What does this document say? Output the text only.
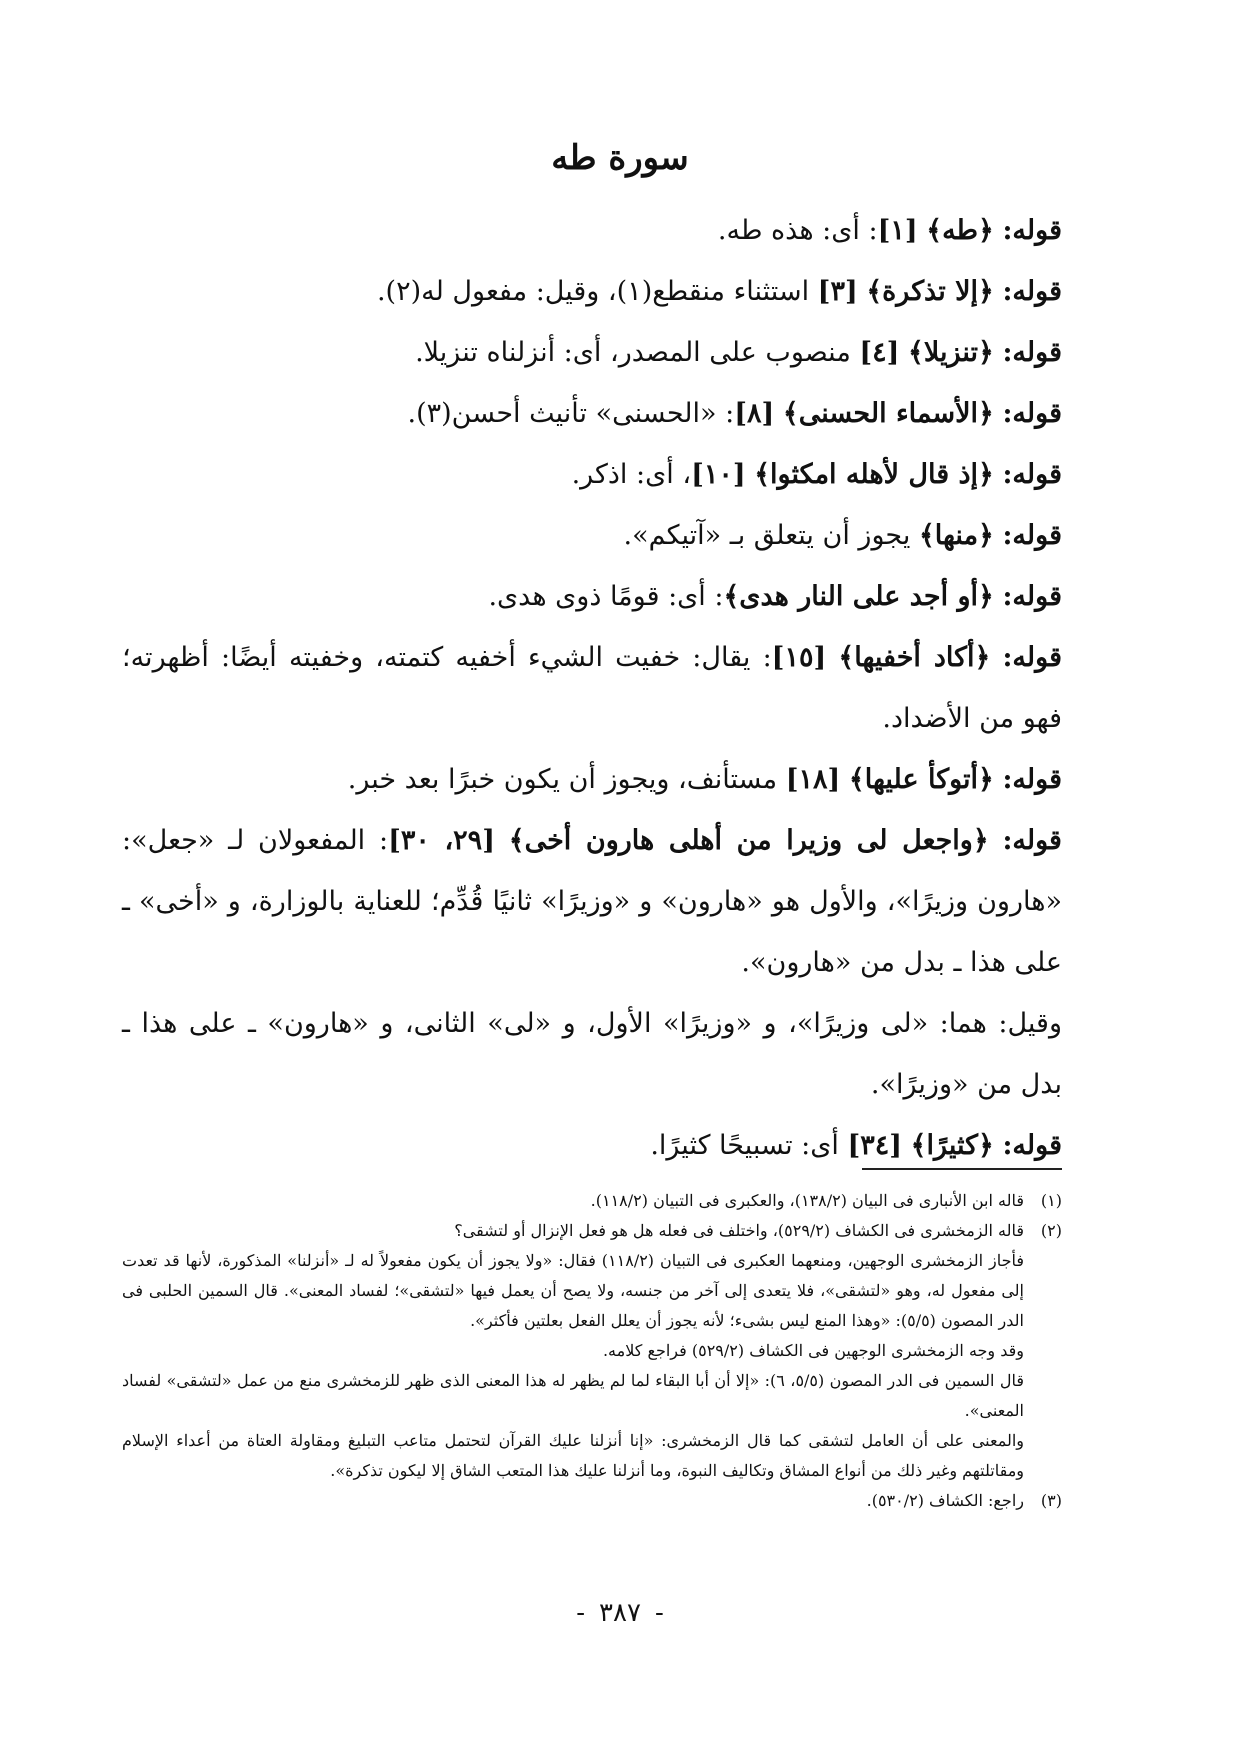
سورة طه

قوله: ﴿طه﴾ [١]: أى: هذه طه.

قوله: ﴿إلا تذكرة﴾ [٣] استثناء منقطع(١)، وقيل: مفعول له(٢).

قوله: ﴿تنزيلا﴾ [٤] منصوب على المصدر، أى: أنزلناه تنزيلا.

قوله: ﴿الأسماء الحسنى﴾ [٨]: «الحسنى» تأنيث أحسن(٣).

قوله: ﴿إذ قال لأهله امكثوا﴾ [١٠]، أى: اذكر.

قوله: ﴿منها﴾ يجوز أن يتعلق بـ «آتيكم».

قوله: ﴿أو أجد على النار هدى﴾: أى: قومًا ذوى هدى.

قوله: ﴿أكاد أخفيها﴾ [١٥]: يقال: خفيت الشيء أخفيه كتمته، وخفيته أيضًا: أظهرته؛ فهو من الأضداد.

قوله: ﴿أتوكأ عليها﴾ [١٨] مستأنف، ويجوز أن يكون خبرًا بعد خبر.

قوله: ﴿واجعل لى وزيرا من أهلى هارون أخى﴾ [٢٩، ٣٠]: المفعولان لـ «جعل»: «هارون وزيرًا»، والأول هو «هارون» و «وزيرًا» ثانيًا قُدِّم؛ للعناية بالوزارة، و «أخى» ـ على هذا ـ بدل من «هارون».

وقيل: هما: «لى وزيرًا»، و «وزيرًا» الأول، و «لى» الثانى، و «هارون» ـ على هذا ـ بدل من «وزيرًا».

قوله: ﴿كثيرًا﴾ [٣٤] أى: تسبيحًا كثيرًا.

(١)قاله ابن الأنبارى فى البيان (١٣٨/٢)، والعكبرى فى التبيان (١١٨/٢).

(٢)قاله الزمخشرى فى الكشاف (٥٢٩/٢)، واختلف فى فعله هل هو فعل الإنزال أو لتشقى؟

فأجاز الزمخشرى الوجهين، ومنعهما العكبرى فى التبيان (١١٨/٢) فقال: «ولا يجوز أن يكون مفعولاً له لـ «أنزلنا» المذكورة، لأنها قد تعدت إلى مفعول له، وهو «لتشقى»، فلا يتعدى إلى آخر من جنسه، ولا يصح أن يعمل فيها «لتشقى»؛ لفساد المعنى». قال السمين الحلبى فى الدر المصون (٥/٥): «وهذا المنع ليس بشىء؛ لأنه يجوز أن يعلل الفعل بعلتين فأكثر».

وقد وجه الزمخشرى الوجهين فى الكشاف (٥٢٩/٢) فراجع كلامه.

قال السمين فى الدر المصون (٥/٥، ٦): «إلا أن أبا البقاء لما لم يظهر له هذا المعنى الذى ظهر للزمخشرى منع من عمل «لتشقى» لفساد المعنى».

والمعنى على أن العامل لتشقى كما قال الزمخشرى: «إنا أنزلنا عليك القرآن لتحتمل متاعب التبليغ ومقاولة العتاة من أعداء الإسلام ومقاتلتهم وغير ذلك من أنواع المشاق وتكاليف النبوة، وما أنزلنا عليك هذا المتعب الشاق إلا ليكون تذكرة».

(٣)راجع: الكشاف (٥٣٠/٢).

- ٣٨٧ -
